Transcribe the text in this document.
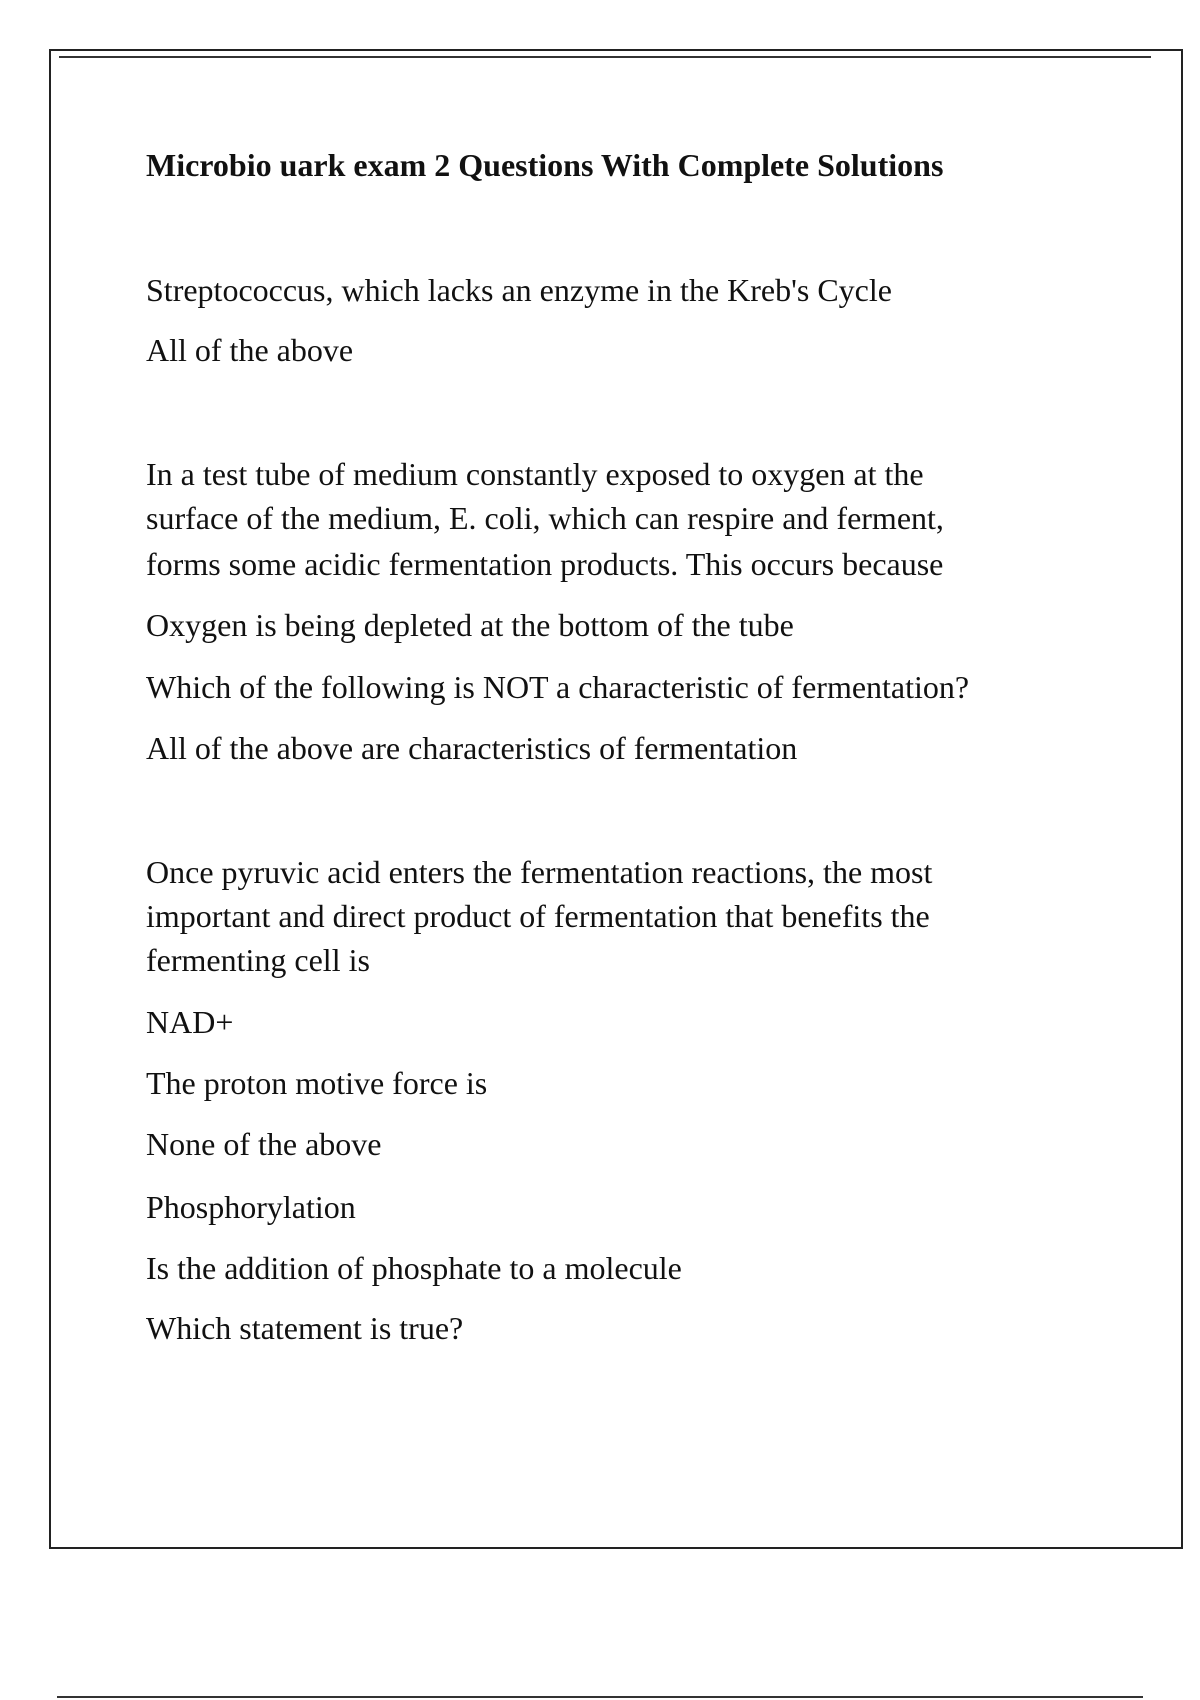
Microbio uark exam 2 Questions With Complete Solutions

Streptococcus, which lacks an enzyme in the Kreb's Cycle

All of the above

In a test tube of medium constantly exposed to oxygen at the

surface of the medium, E. coli, which can respire and ferment,

forms some acidic fermentation products. This occurs because

Oxygen is being depleted at the bottom of the tube

Which of the following is NOT a characteristic of fermentation?

All of the above are characteristics of fermentation

Once pyruvic acid enters the fermentation reactions, the most

important and direct product of fermentation that benefits the

fermenting cell is

NAD+

The proton motive force is

None of the above

Phosphorylation

Is the addition of phosphate to a molecule

Which statement is true?
